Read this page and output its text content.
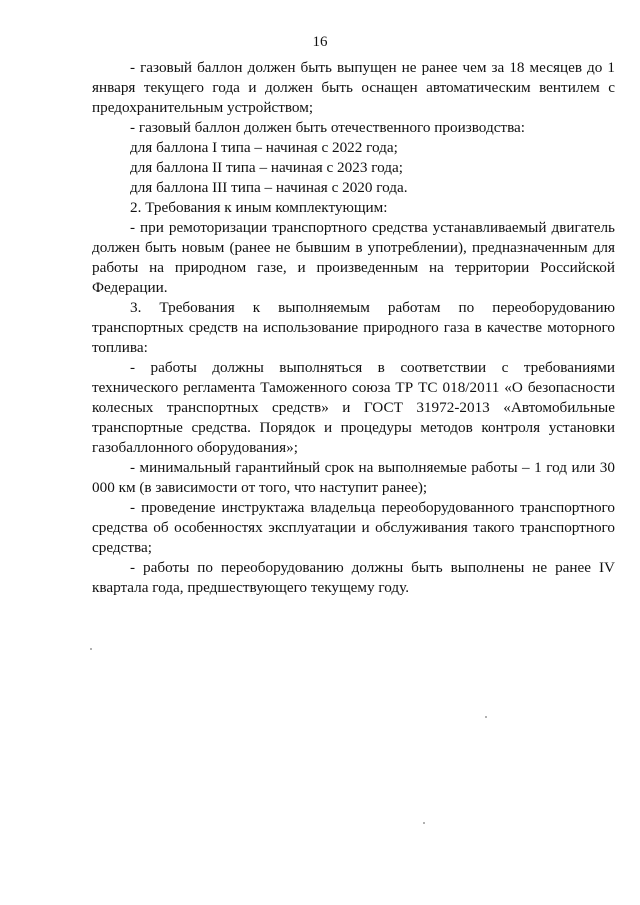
16

- газовый баллон должен быть выпущен не ранее чем за 18 месяцев до 1 января текущего года и должен быть оснащен автоматическим вентилем с предохранительным устройством;

- газовый баллон должен быть отечественного производства:

для баллона I типа – начиная с 2022 года;

для баллона II типа – начиная с 2023 года;

для баллона III типа – начиная с 2020 года.

2. Требования к иным комплектующим:

- при ремоторизации транспортного средства устанавливаемый двигатель должен быть новым (ранее не бывшим в употреблении), предназначенным для работы на природном газе, и произведенным на территории Российской Федерации.

3. Требования к выполняемым работам по переоборудованию транспортных средств на использование природного газа в качестве моторного топлива:

- работы должны выполняться в соответствии с требованиями технического регламента Таможенного союза ТР ТС 018/2011 «О безопасности колесных транспортных средств» и ГОСТ 31972-2013 «Автомобильные транспортные средства. Порядок и процедуры методов контроля установки газобаллонного оборудования»;

- минимальный гарантийный срок на выполняемые работы – 1 год или 30 000 км (в зависимости от того, что наступит ранее);

- проведение инструктажа владельца переоборудованного транспортного средства об особенностях эксплуатации и обслуживания такого транспортного средства;

- работы по переоборудованию должны быть выполнены не ранее IV квартала года, предшествующего текущему году.
